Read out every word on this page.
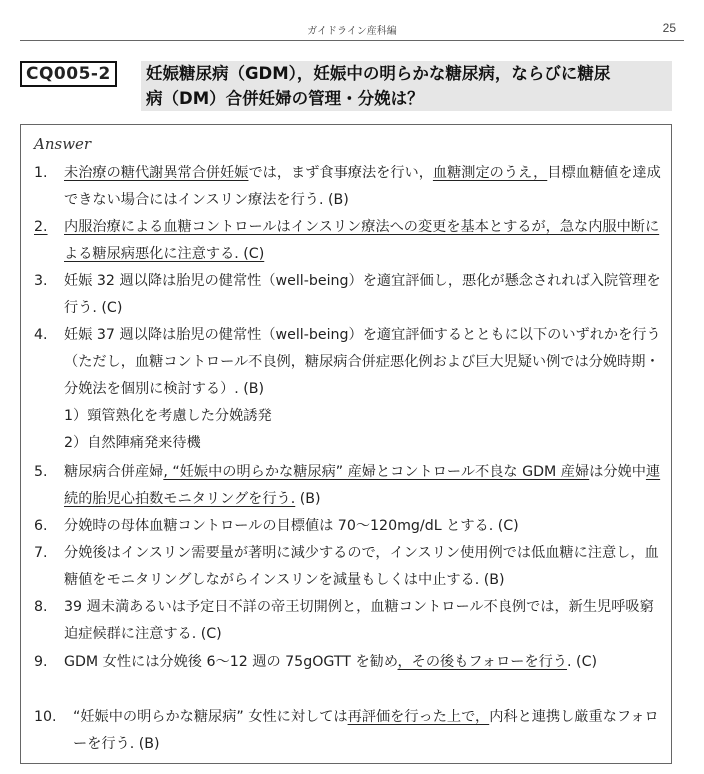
ガイドライン産科編	25
CQ005-2	妊娠糖尿病（GDM），妊娠中の明らかな糖尿病，ならびに糖尿
病（DM）合併妊婦の管理・分娩は？
Answer
1.	未治療の糖代謝異常合併妊娠では，まず食事療法を行い，血糖測定のうえ，目標血糖値を達成できない場合にはインスリン療法を行う. (B)
2.	内服治療による血糖コントロールはインスリン療法への変更を基本とするが，急な内服中断による糖尿病悪化に注意する. (C)
3.	妊娠 32 週以降は胎児の健常性（well-being）を適宜評価し，悪化が懸念されれば入院管理を行う. (C)
4.	妊娠 37 週以降は胎児の健常性（well-being）を適宜評価するとともに以下のいずれかを行う（ただし，血糖コントロール不良例，糖尿病合併症悪化例および巨大児疑い例では分娩時期・分娩法を個別に検討する）. (B)
1）頸管熟化を考慮した分娩誘発
2）自然陣痛発来待機
5.	糖尿病合併産婦, “妊娠中の明らかな糖尿病” 産婦とコントロール不良な GDM 産婦は分娩中連続的胎児心拍数モニタリングを行う. (B)
6.	分娩時の母体血糖コントロールの目標値は 70〜120mg/dL とする. (C)
7.	分娩後はインスリン需要量が著明に減少するので，インスリン使用例では低血糖に注意し，血糖値をモニタリングしながらインスリンを減量もしくは中止する. (B)
8.	39 週未満あるいは予定日不詳の帝王切開例と，血糖コントロール不良例では，新生児呼吸窮迫症候群に注意する. (C)
9.	GDM 女性には分娩後 6〜12 週の 75gOGTT を勧め，その後もフォローを行う. (C)
10.	“妊娠中の明らかな糖尿病” 女性に対しては再評価を行った上で，内科と連携し厳重なフォローを行う. (B)
